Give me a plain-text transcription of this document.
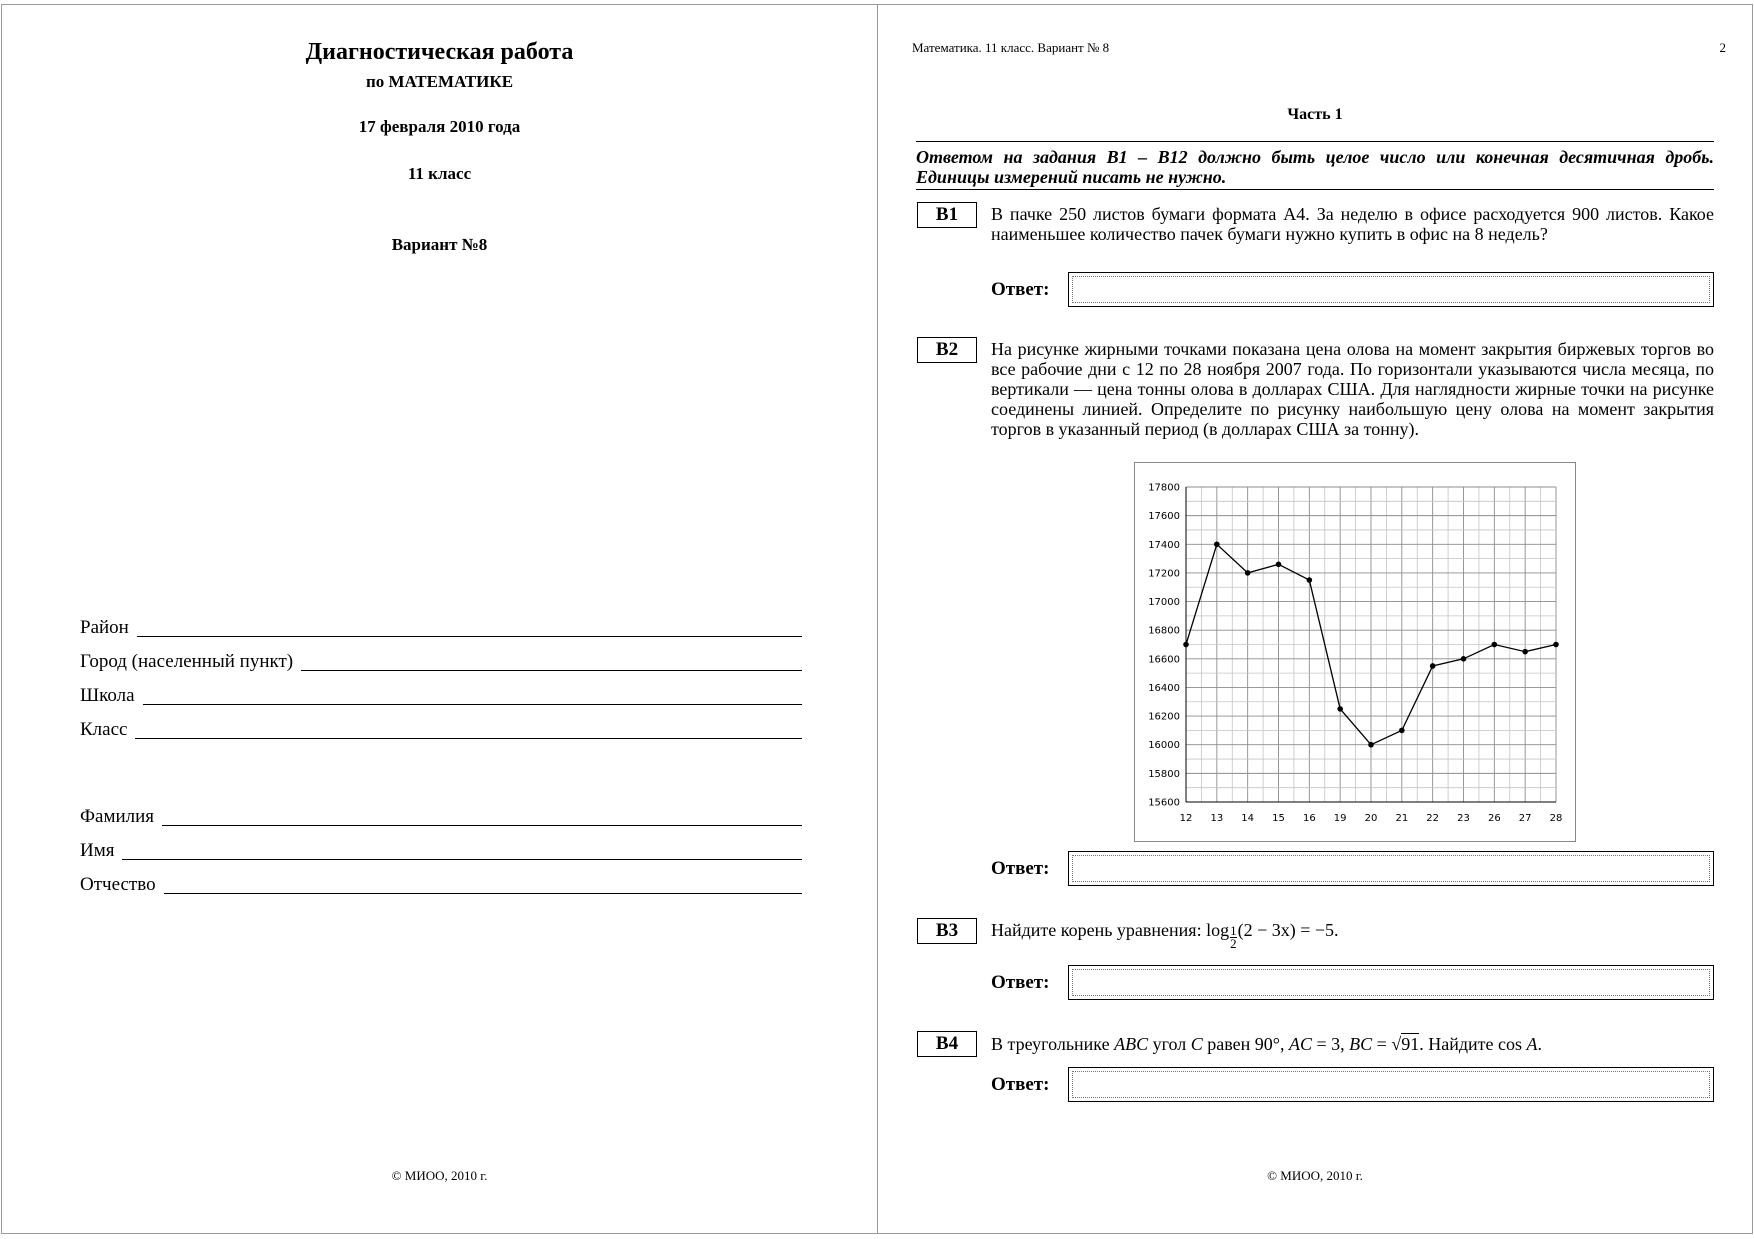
Диагностическая работа
по МАТЕМАТИКЕ
17 февраля 2010 года
11 класс
Вариант №8
Район
Город (населенный пункт)
Школа
Класс
Фамилия
Имя
Отчество
© МИОО, 2010 г.
Математика. 11 класс. Вариант № 8	2
Часть 1
Ответом на задания В1 – В12 должно быть целое число или конечная десятичная дробь. Единицы измерений писать не нужно.
B1	В пачке 250 листов бумаги формата А4. За неделю в офисе расходуется 900 листов. Какое наименьшее количество пачек бумаги нужно купить в офис на 8 недель?
Ответ:
B2	На рисунке жирными точками показана цена олова на момент закрытия биржевых торгов во все рабочие дни с 12 по 28 ноября 2007 года. По горизонтали указываются числа месяца, по вертикали — цена тонны олова в долларах США. Для наглядности жирные точки на рисунке соединены линией. Определите по рисунку наибольшую цену олова на момент закрытия торгов в указанный период (в долларах США за тонну).
15600
15800
16000
16200
16400
16600
16800
17000
17200
17400
17600
17800
12 13 14 15 16 19 20 21 22 23 26 27 28
Ответ:
B3	Найдите корень уравнения: $\log \frac{1}{2} (2 - 3x) = -5$.
Ответ:
B4	В треугольнике ABC угол C равен 90°, AC = 3, BC = √91. Найдите cos A.
Ответ:
© МИОО, 2010 г.
